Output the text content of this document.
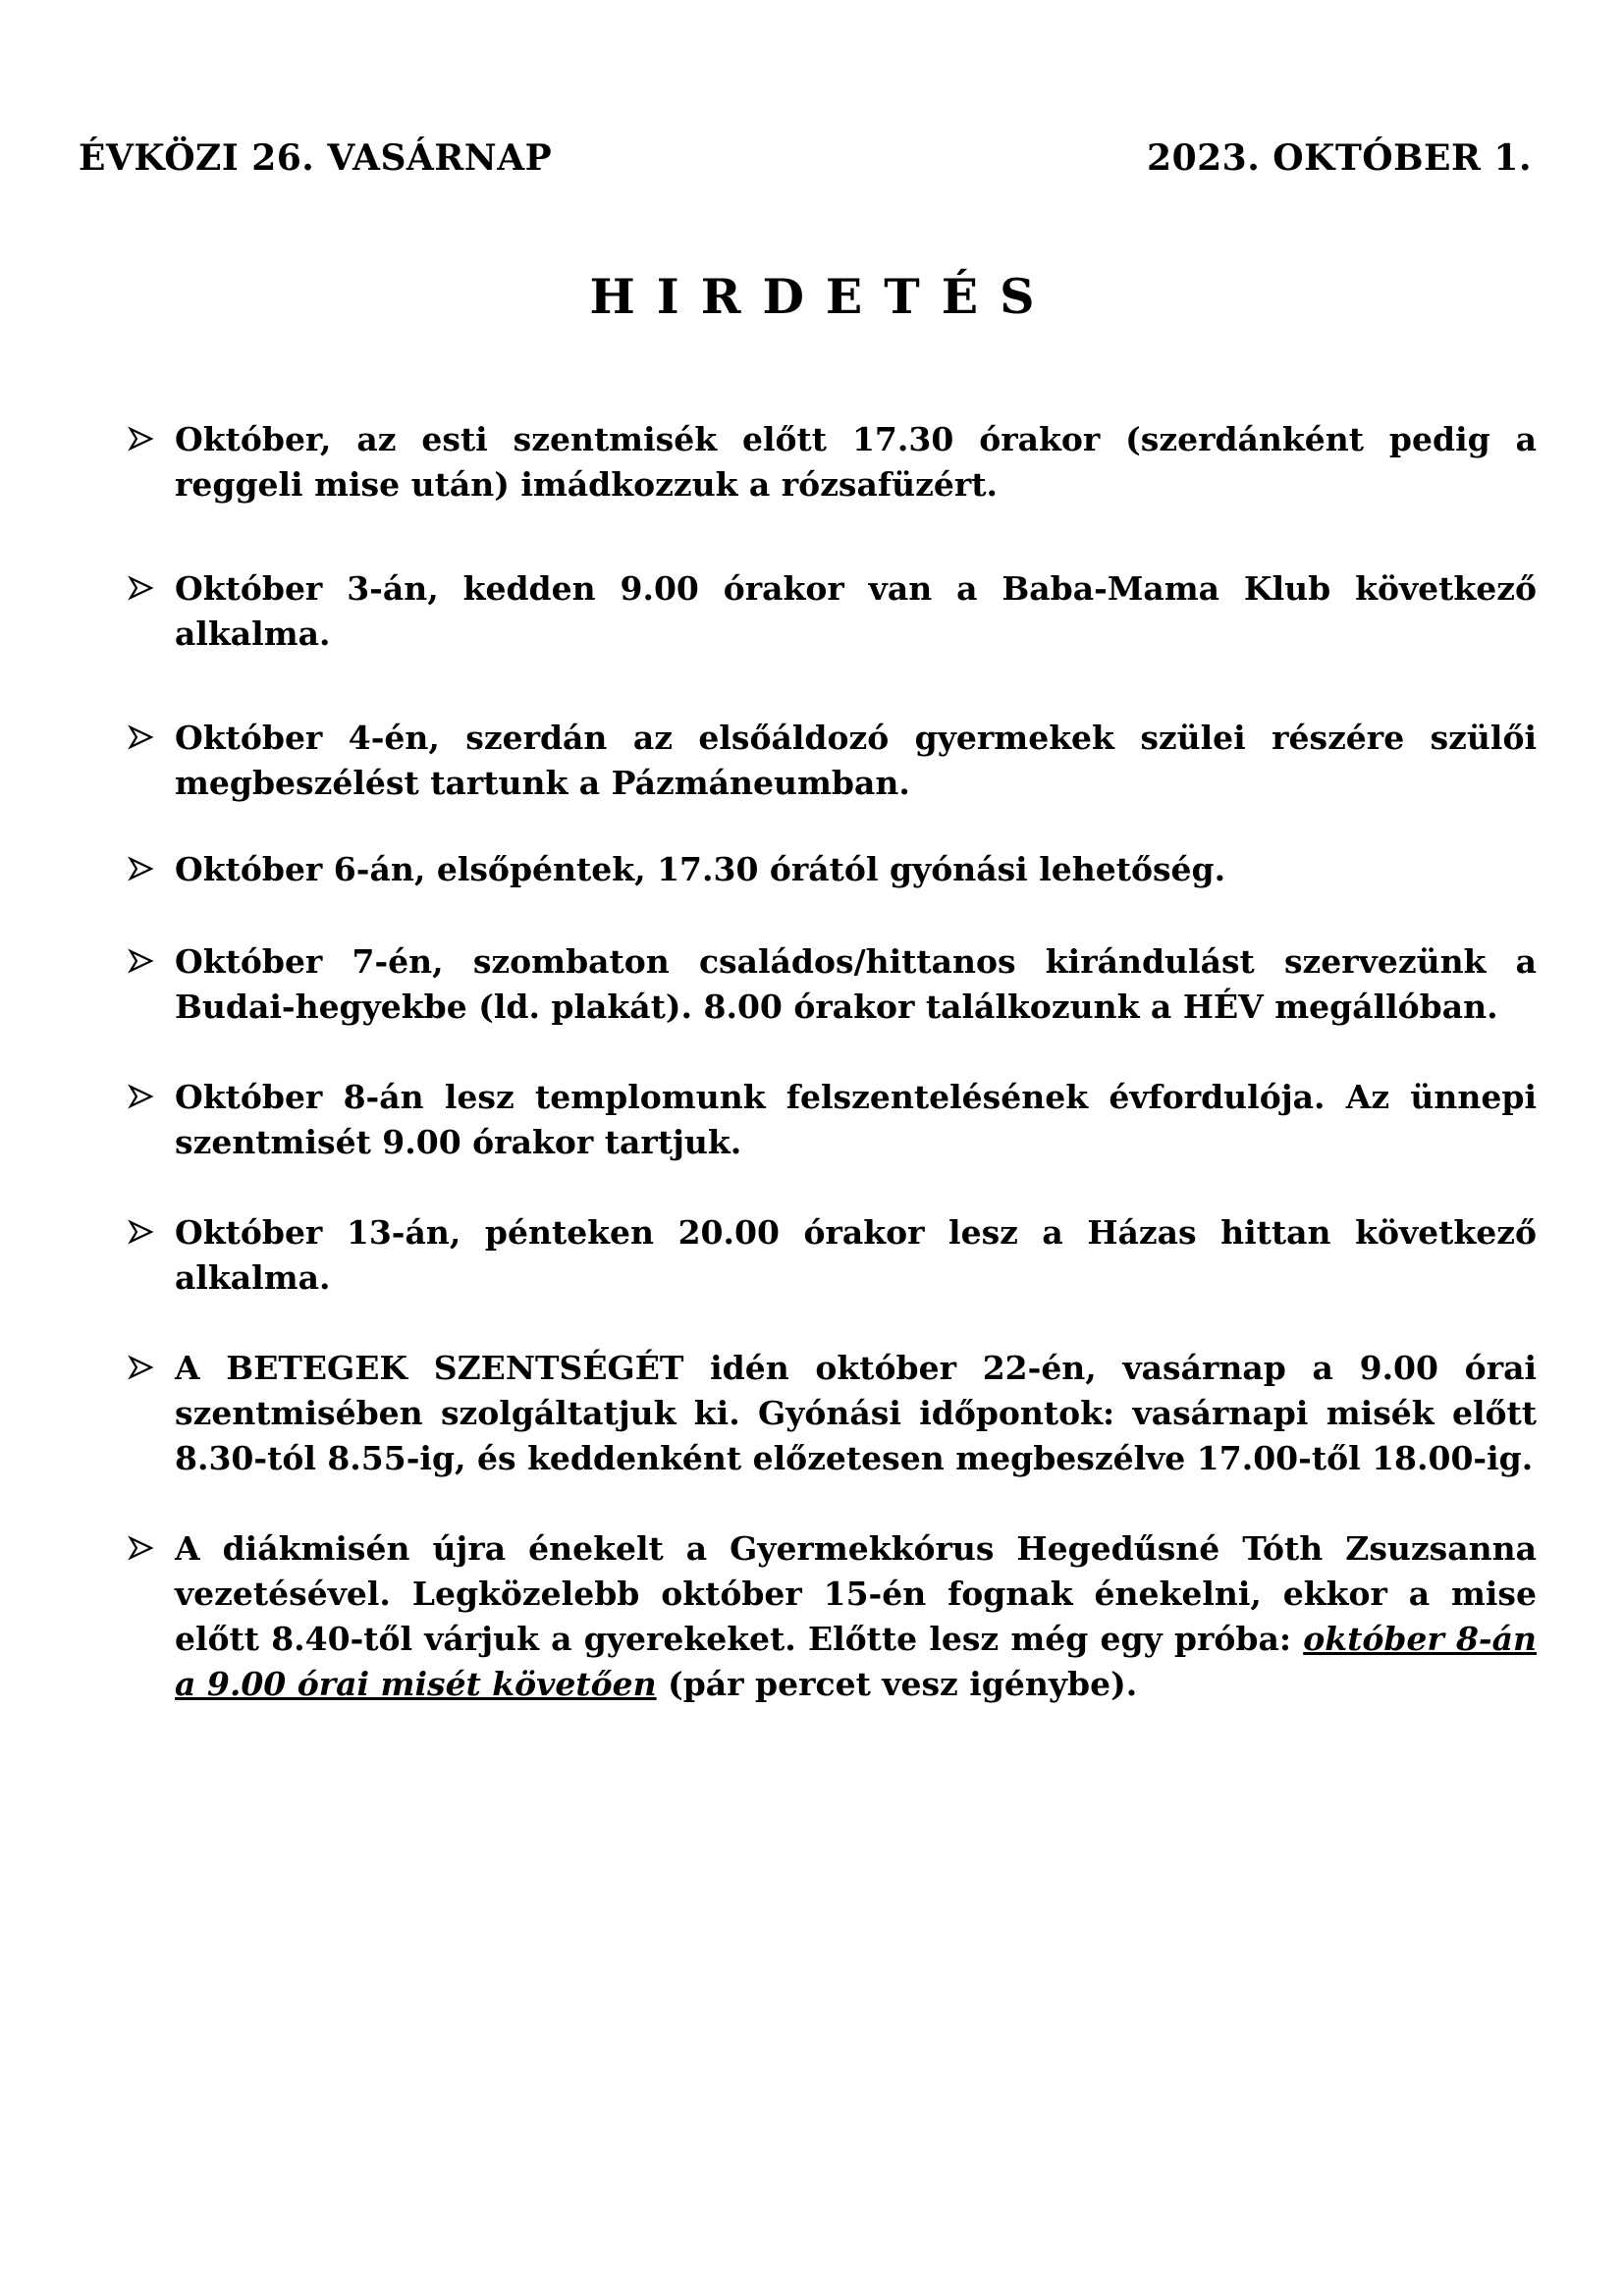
ÉVKÖZI 26. VASÁRNAP	2023. OKTÓBER 1.
HIRDETÉS
Október, az esti szentmisék előtt 17.30 órakor (szerdánként pedig a reggeli mise után) imádkozzuk a rózsafüzért.
Október 3-án, kedden 9.00 órakor van a Baba-Mama Klub következő alkalma.
Október 4-én, szerdán az elsőáldozó gyermekek szülei részére szülői megbeszélést tartunk a Pázmáneumban.
Október 6-án, elsőpéntek, 17.30 órától gyónási lehetőség.
Október 7-én, szombaton családos/hittanos kirándulást szervezünk a Budai-hegyekbe (ld. plakát). 8.00 órakor találkozunk a HÉV megállóban.
Október 8-án lesz templomunk felszentelésének évfordulója. Az ünnepi szentmisét 9.00 órakor tartjuk.
Október 13-án, pénteken 20.00 órakor lesz a Házas hittan következő alkalma.
A BETEGEK SZENTSÉGÉT idén október 22-én, vasárnap a 9.00 órai szentmisében szolgáltatjuk ki. Gyónási időpontok: vasárnapi misék előtt 8.30-tól 8.55-ig, és keddenként előzetesen megbeszélve 17.00-től 18.00-ig.
A diákmisén újra énekelt a Gyermekkórus Hegedűsné Tóth Zsuzsanna vezetésével. Legközelebb október 15-én fognak énekelni, ekkor a mise előtt 8.40-től várjuk a gyerekeket. Előtte lesz még egy próba: október 8-án a 9.00 órai misét követően (pár percet vesz igénybe).
